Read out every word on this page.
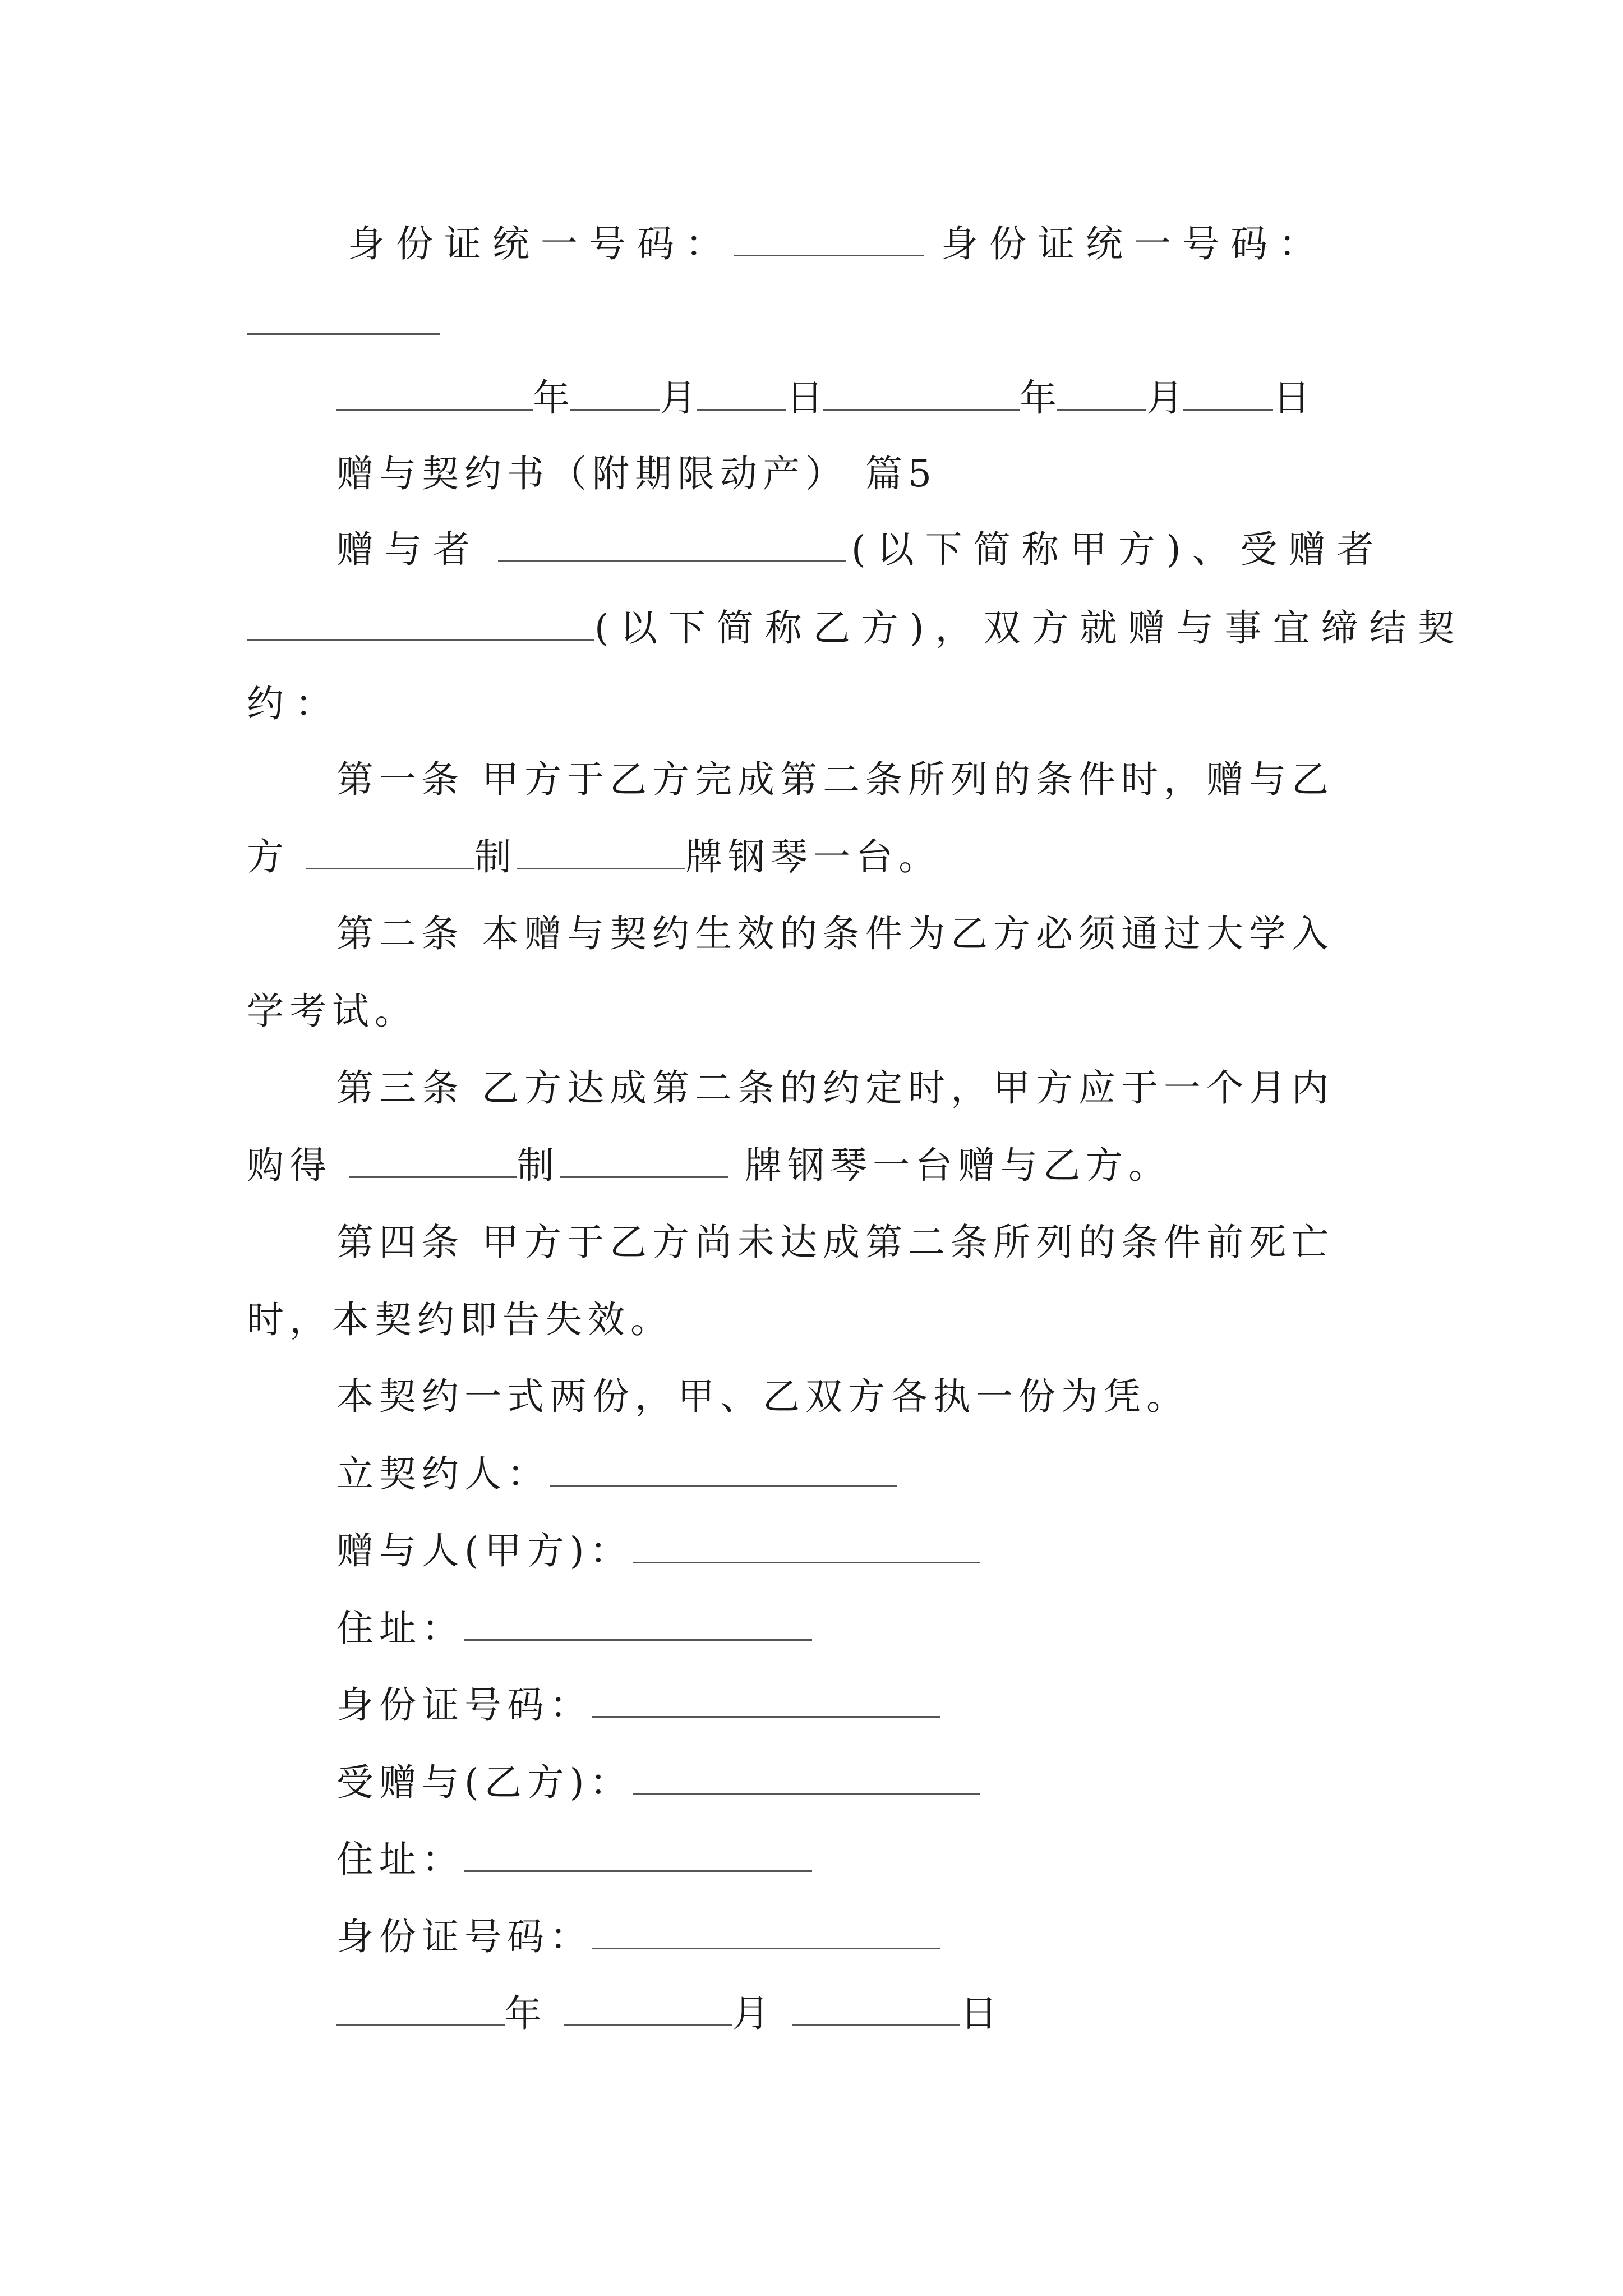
身份证统一号码：	身份证统一号码：
年 月 日	年 月 日
赠与契约书（附期限动产） 篇5
赠与者	(以下简称甲方)、受赠者
(以下简称乙方)，双方就赠与事宜缔结契
约：
第一条 甲方于乙方完成第二条所列的条件时，赠与乙
方	制	牌钢琴一台。
第二条 本赠与契约生效的条件为乙方必须通过大学入
学考试。
第三条 乙方达成第二条的约定时，甲方应于一个月内
购得	制	牌钢琴一台赠与乙方。
第四条 甲方于乙方尚未达成第二条所列的条件前死亡
时，本契约即告失效。
本契约一式两份，甲、乙双方各执一份为凭。
立契约人：
赠与人(甲方)：
住址：
身份证号码：
受赠与(乙方)：
住址：
身份证号码：
年	月	日
